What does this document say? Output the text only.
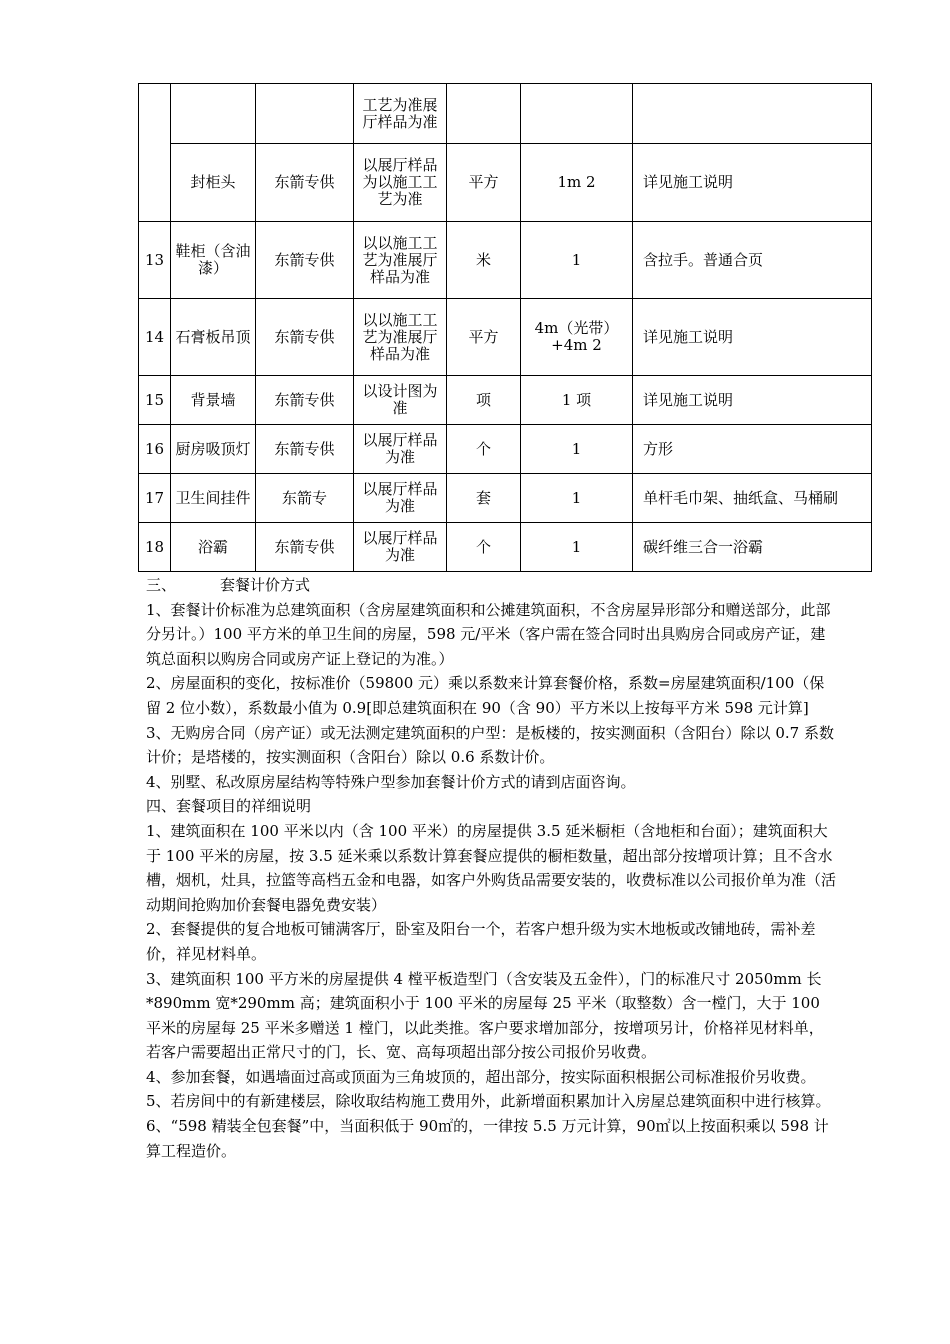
			工艺为准展厅样品为准			
	封柜头	东箭专供	以展厅样品为以施工工艺为准	平方	1m 2	详见施工说明
13	鞋柜（含油漆）	东箭专供	以以施工工艺为准展厅样品为准	米	1	含拉手。普通合页
14	石膏板吊顶	东箭专供	以以施工工艺为准展厅样品为准	平方	4m（光带）+4m 2	详见施工说明
15	背景墙	东箭专供	以设计图为准	项	1 项	详见施工说明
16	厨房吸顶灯	东箭专供	以展厅样品为准	个	1	方形
17	卫生间挂件	东箭专	以展厅样品为准	套	1	单杆毛巾架、抽纸盒、马桶刷
18	浴霸	东箭专供	以展厅样品为准	个	1	碳纤维三合一浴霸

三、	套餐计价方式

1、套餐计价标准为总建筑面积（含房屋建筑面积和公摊建筑面积，不含房屋异形部分和赠送部分，此部分另计。）100 平方米的单卫生间的房屋，598 元/平米（客户需在签合同时出具购房合同或房产证，建筑总面积以购房合同或房产证上登记的为准。）

2、房屋面积的变化，按标准价（59800 元）乘以系数来计算套餐价格，系数=房屋建筑面积/100（保留 2 位小数），系数最小值为 0.9[即总建筑面积在 90（含 90）平方米以上按每平方米 598 元计算]

3、无购房合同（房产证）或无法测定建筑面积的户型：是板楼的，按实测面积（含阳台）除以 0.7 系数计价；是塔楼的，按实测面积（含阳台）除以 0.6 系数计价。

4、别墅、私改原房屋结构等特殊户型参加套餐计价方式的请到店面咨询。

四、套餐项目的祥细说明

1、建筑面积在 100 平米以内（含 100 平米）的房屋提供 3.5 延米橱柜（含地柜和台面）；建筑面积大于 100 平米的房屋，按 3.5 延米乘以系数计算套餐应提供的橱柜数量，超出部分按增项计算；且不含水槽，烟机，灶具，拉篮等高档五金和电器，如客户外购货品需要安装的，收费标准以公司报价单为准（活动期间抢购加价套餐电器免费安装）

2、套餐提供的复合地板可铺满客厅，卧室及阳台一个，若客户想升级为实木地板或改铺地砖，需补差价，祥见材料单。

3、建筑面积 100 平方米的房屋提供 4 樘平板造型门（含安装及五金件），门的标准尺寸 2050mm 长*890mm 宽*290mm 高；建筑面积小于 100 平米的房屋每 25 平米（取整数）含一樘门，大于 100 平米的房屋每 25 平米多赠送 1 樘门，以此类推。客户要求增加部分，按增项另计，价格祥见材料单，若客户需要超出正常尺寸的门，长、宽、高每项超出部分按公司报价另收费。

4、参加套餐，如遇墙面过高或顶面为三角坡顶的，超出部分，按实际面积根据公司标准报价另收费。

5、若房间中的有新建楼层，除收取结构施工费用外，此新增面积累加计入房屋总建筑面积中进行核算。

6、“598 精装全包套餐”中，当面积低于 90㎡的，一律按 5.5 万元计算，90㎡以上按面积乘以 598 计算工程造价。
